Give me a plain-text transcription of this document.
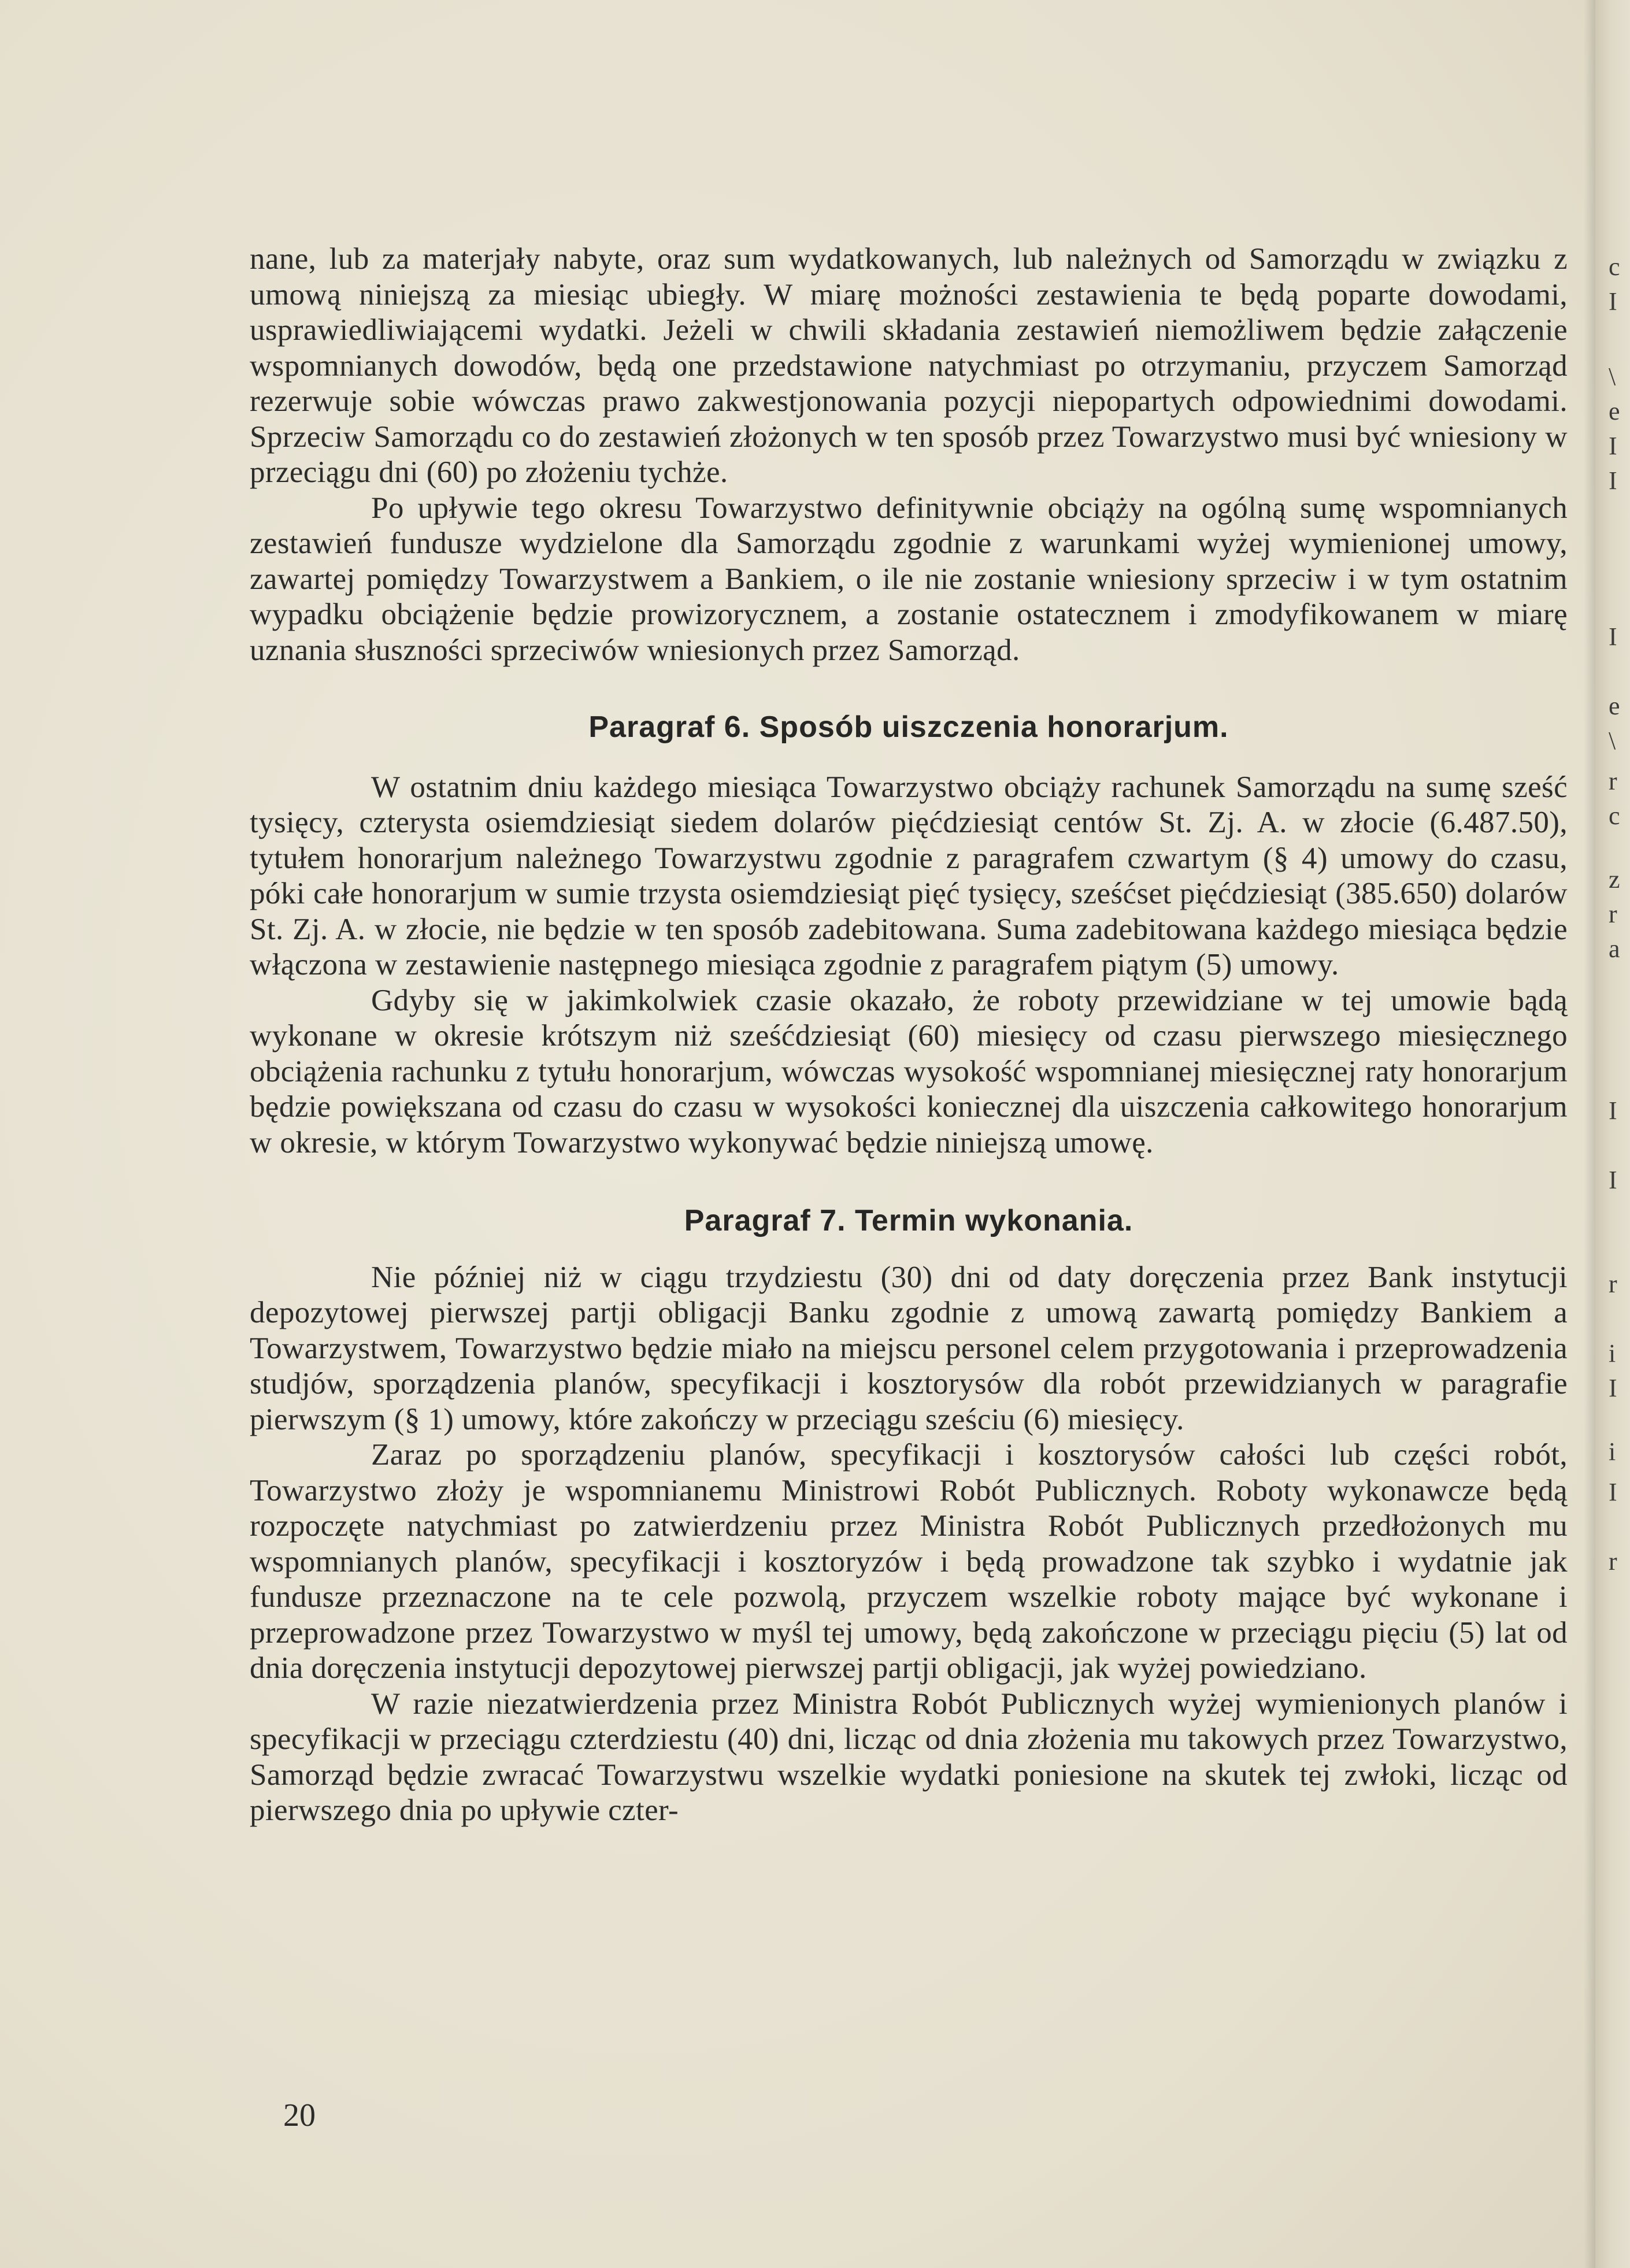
nane, lub za materjały nabyte, oraz sum wydatkowanych, lub należnych od Samorządu w związku z umową niniejszą za miesiąc ubiegły. W miarę możności zestawienia te będą poparte dowodami, usprawiedliwiającemi wydatki. Jeżeli w chwili składania zestawień niemożliwem będzie załączenie wspomnianych dowodów, będą one przedstawione natychmiast po otrzymaniu, przyczem Samorząd rezerwuje sobie wówczas prawo zakwestjonowania pozycji niepopartych odpowiednimi dowodami. Sprzeciw Samorządu co do zestawień złożonych w ten sposób przez Towarzystwo musi być wniesiony w przeciągu dni (60) po złożeniu tychże.

Po upływie tego okresu Towarzystwo definitywnie obciąży na ogólną sumę wspomnianych zestawień fundusze wydzielone dla Samorządu zgodnie z warunkami wyżej wymienionej umowy, zawartej pomiędzy Towarzystwem a Bankiem, o ile nie zostanie wniesiony sprzeciw i w tym ostatnim wypadku obciążenie będzie prowizorycznem, a zostanie ostatecznem i zmodyfikowanem w miarę uznania słuszności sprzeciwów wniesionych przez Samorząd.

Paragraf 6. Sposób uiszczenia honorarjum.

W ostatnim dniu każdego miesiąca Towarzystwo obciąży rachunek Samorządu na sumę sześć tysięcy, czterysta osiemdziesiąt siedem dolarów pięćdziesiąt centów St. Zj. A. w złocie (6.487.50), tytułem honorarjum należnego Towarzystwu zgodnie z paragrafem czwartym (§ 4) umowy do czasu, póki całe honorarjum w sumie trzysta osiemdziesiąt pięć tysięcy, sześćset pięćdziesiąt (385.650) dolarów St. Zj. A. w złocie, nie będzie w ten sposób zadebitowana. Suma zadebitowana każdego miesiąca będzie włączona w zestawienie następnego miesiąca zgodnie z paragrafem piątym (5) umowy.

Gdyby się w jakimkolwiek czasie okazało, że roboty przewidziane w tej umowie bądą wykonane w okresie krótszym niż sześćdziesiąt (60) miesięcy od czasu pierwszego miesięcznego obciążenia rachunku z tytułu honorarjum, wówczas wysokość wspomnianej miesięcznej raty honorarjum będzie powiększana od czasu do czasu w wysokości koniecznej dla uiszczenia całkowitego honorarjum w okresie, w którym Towarzystwo wykonywać będzie niniejszą umowę.

Paragraf 7. Termin wykonania.

Nie później niż w ciągu trzydziestu (30) dni od daty doręczenia przez Bank instytucji depozytowej pierwszej partji obligacji Banku zgodnie z umową zawartą pomiędzy Bankiem a Towarzystwem, Towarzystwo będzie miało na miejscu personel celem przygotowania i przeprowadzenia studjów, sporządzenia planów, specyfikacji i kosztorysów dla robót przewidzianych w paragrafie pierwszym (§ 1) umowy, które zakończy w przeciągu sześciu (6) miesięcy.

Zaraz po sporządzeniu planów, specyfikacji i kosztorysów całości lub części robót, Towarzystwo złoży je wspomnianemu Ministrowi Robót Publicznych. Roboty wykonawcze będą rozpoczęte natychmiast po zatwierdzeniu przez Ministra Robót Publicznych przedłożonych mu wspomnianych planów, specyfikacji i kosztoryzów i będą prowadzone tak szybko i wydatnie jak fundusze przeznaczone na te cele pozwolą, przyczem wszelkie roboty mające być wykonane i przeprowadzone przez Towarzystwo w myśl tej umowy, będą zakończone w przeciągu pięciu (5) lat od dnia doręczenia instytucji depozytowej pierwszej partji obligacji, jak wyżej powiedziano.

W razie niezatwierdzenia przez Ministra Robót Publicznych wyżej wymienionych planów i specyfikacji w przeciągu czterdziestu (40) dni, licząc od dnia złożenia mu takowych przez Towarzystwo, Samorząd będzie zwracać Towarzystwu wszelkie wydatki poniesione na skutek tej zwłoki, licząc od pierwszego dnia po upływie czter-

20
c
I
\
e
I
I
I
e
\
r
c
z
r
a
I
I
r
i
I
i
I
r
